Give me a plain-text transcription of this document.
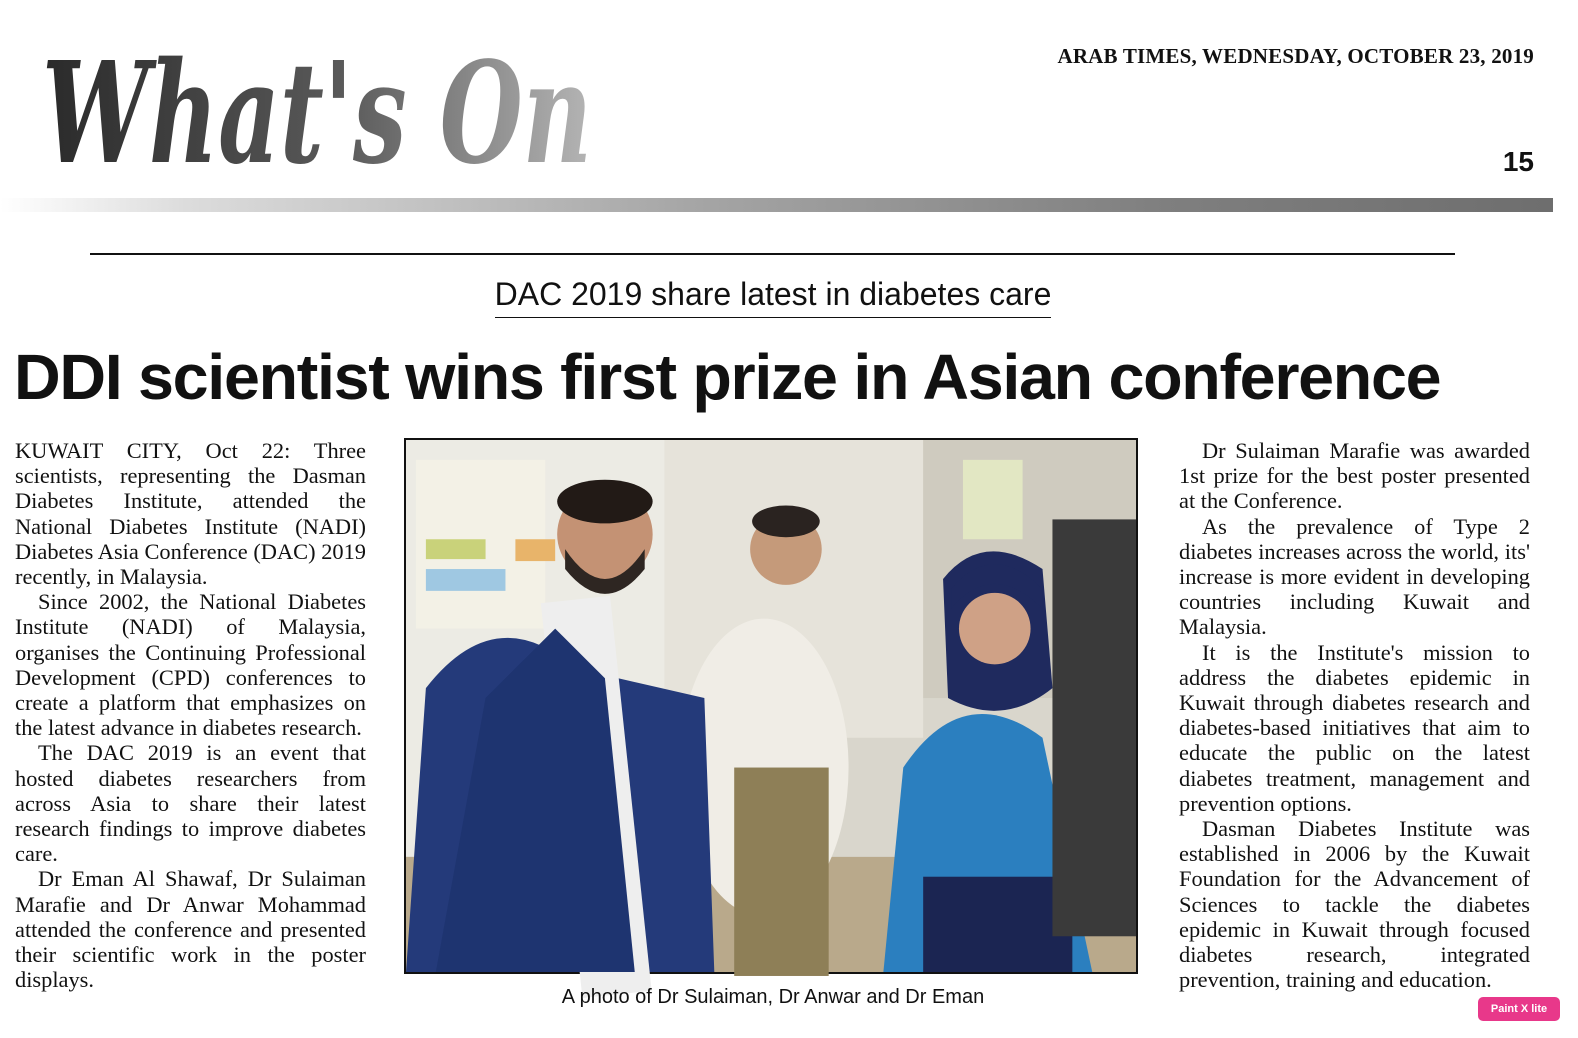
What's On	ARAB TIMES, WEDNESDAY, OCTOBER 23, 2019
15
DAC 2019 share latest in diabetes care
DDI scientist wins first prize in Asian conference

KUWAIT CITY, Oct 22: Three scientists, representing the Dasman Diabetes Institute, attended the National Diabetes Institute (NADI) Diabetes Asia Conference (DAC) 2019 recently, in Malaysia.

Since 2002, the National Diabetes Institute (NADI) of Malaysia, organises the Continuing Professional Development (CPD) conferences to create a platform that emphasizes on the latest advance in diabetes research.

The DAC 2019 is an event that hosted diabetes researchers from across Asia to share their latest research findings to improve diabetes care.

Dr Eman Al Shawaf, Dr Sulaiman Marafie and Dr Anwar Mohammad attended the conference and presented their scientific work in the poster displays.

A photo of Dr Sulaiman, Dr Anwar and Dr Eman

Dr Sulaiman Marafie was awarded 1st prize for the best poster presented at the Conference.

As the prevalence of Type 2 diabetes increases across the world, its' increase is more evident in developing countries including Kuwait and Malaysia.

It is the Institute's mission to address the diabetes epidemic in Kuwait through diabetes research and diabetes-based initiatives that aim to educate the public on the latest diabetes treatment, management and prevention options.

Dasman Diabetes Institute was established in 2006 by the Kuwait Foundation for the Advancement of Sciences to tackle the diabetes epidemic in Kuwait through focused diabetes research, integrated prevention, training and education.

Paint X lite
